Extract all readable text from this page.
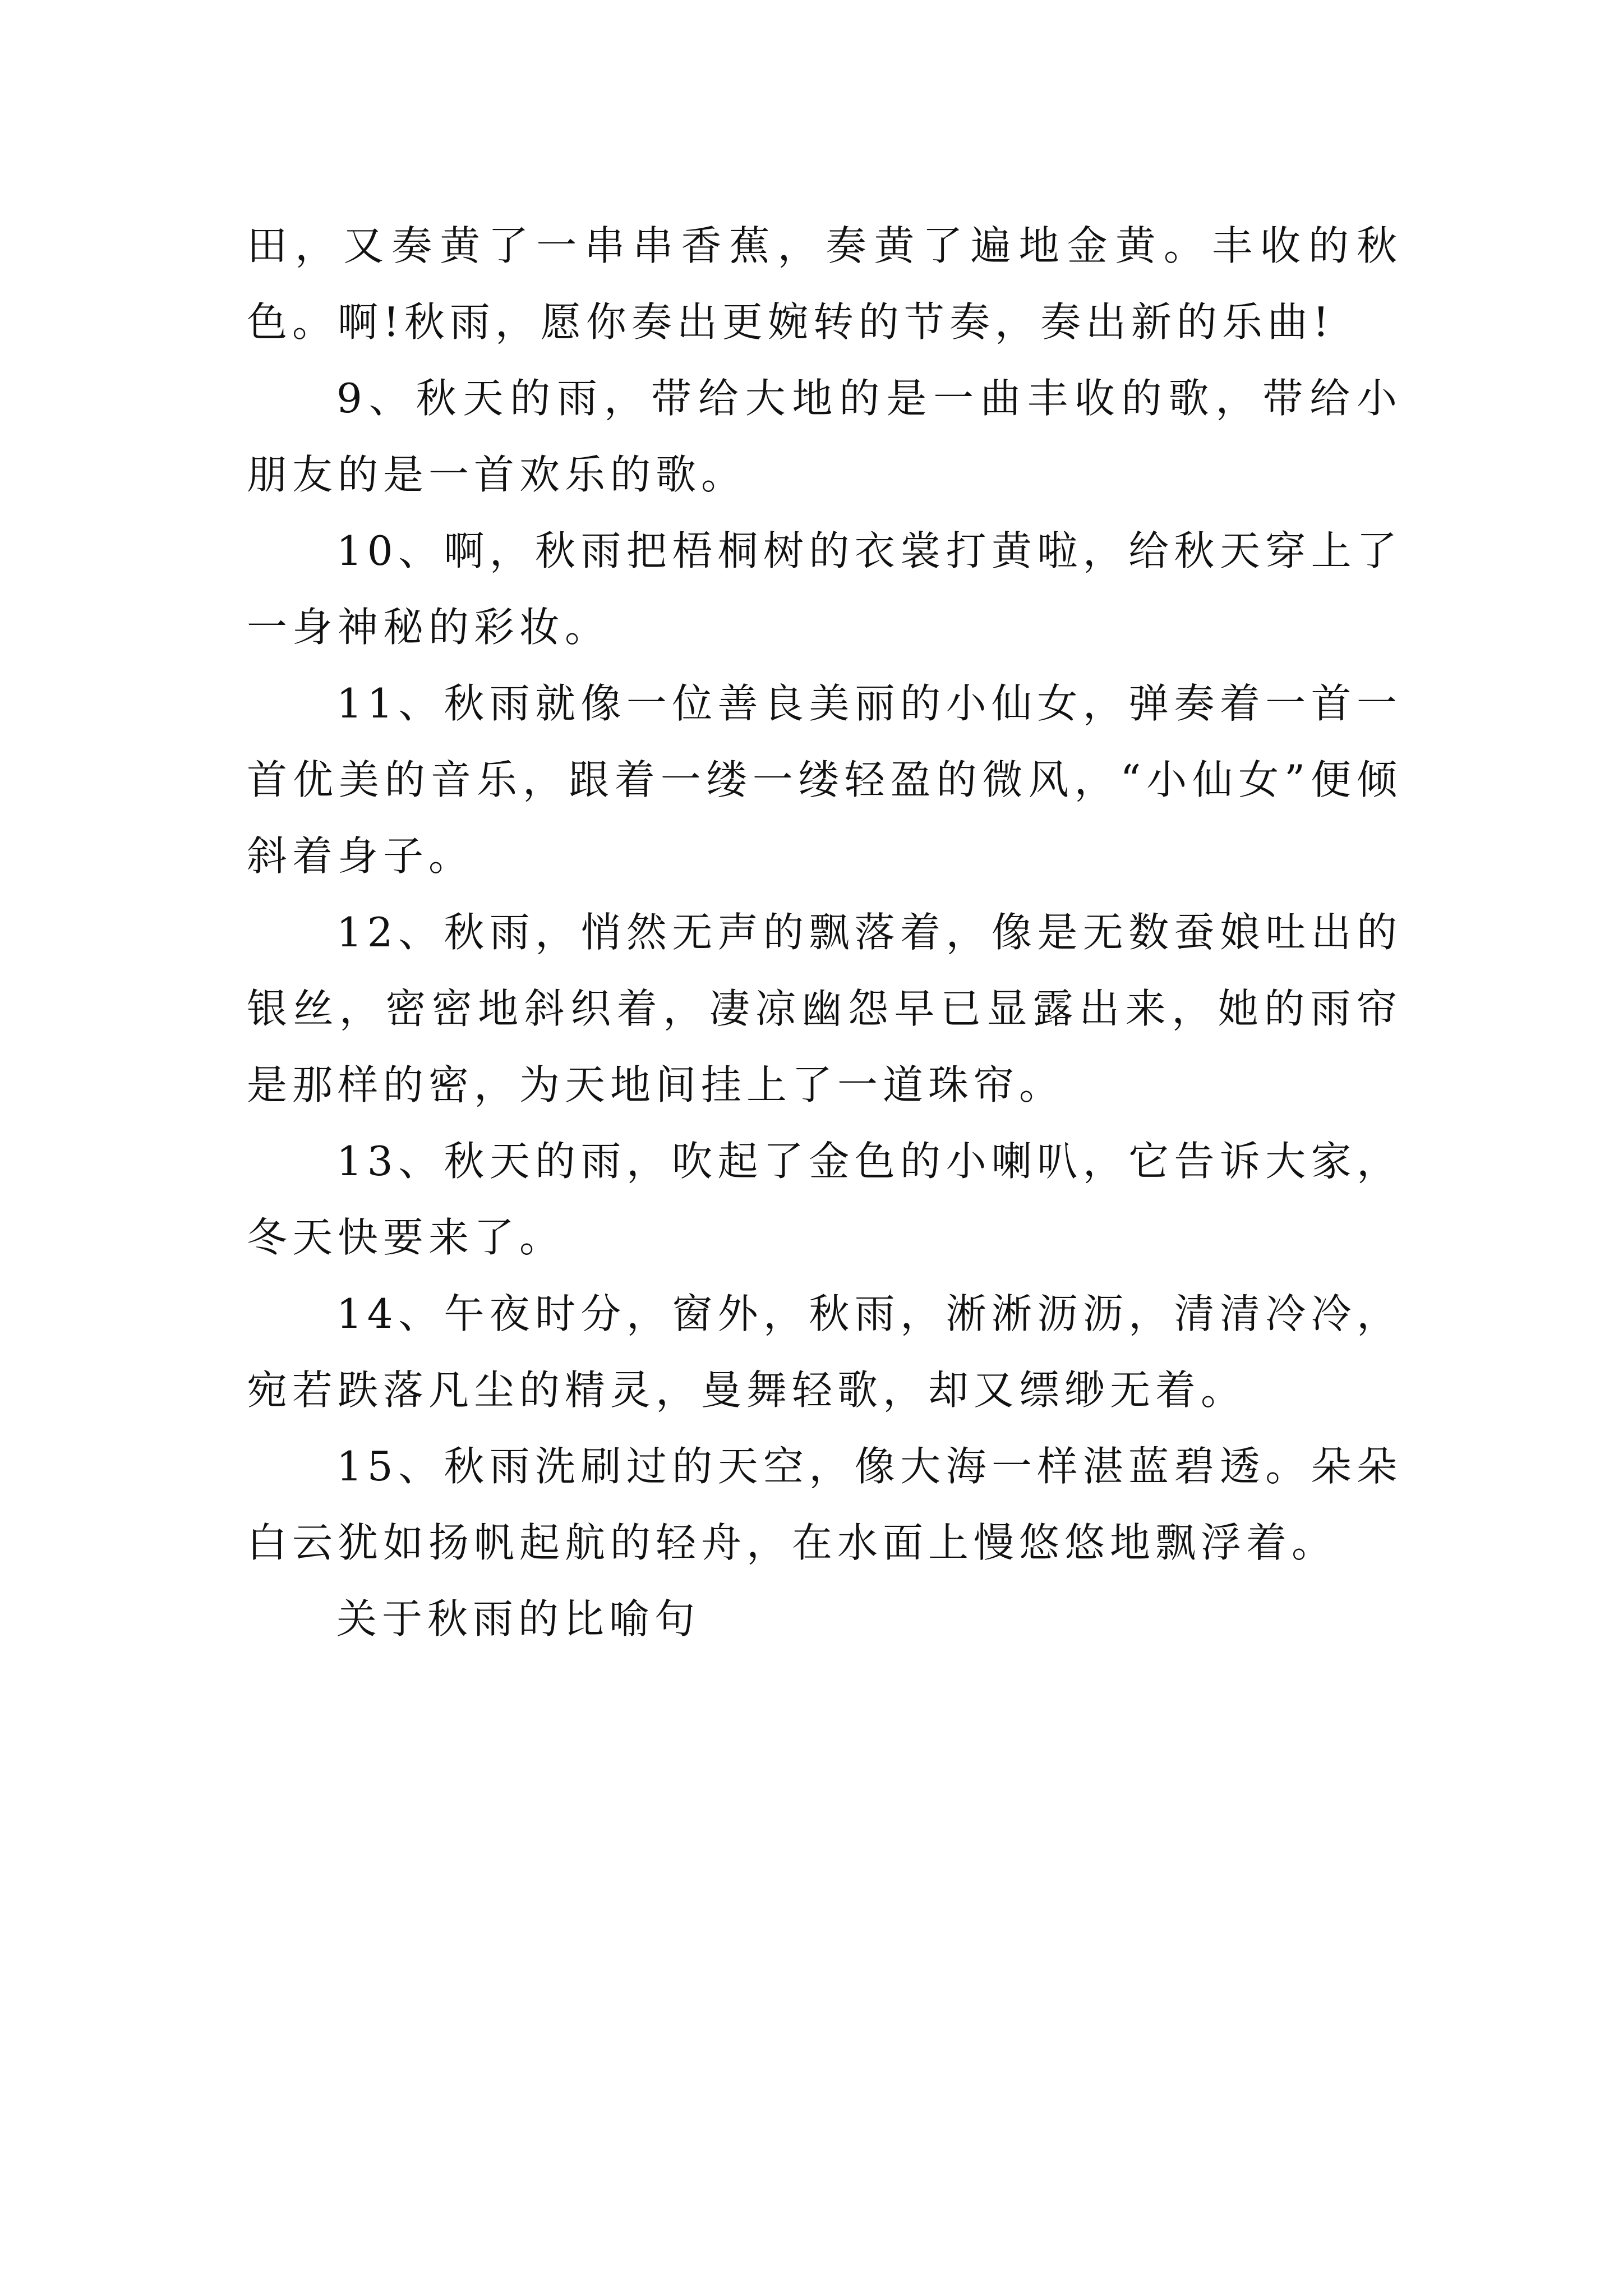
田，又奏黄了一串串香蕉，奏黄了遍地金黄。丰收的秋色。啊!秋雨，愿你奏出更婉转的节奏，奏出新的乐曲!

9、秋天的雨，带给大地的是一曲丰收的歌，带给小朋友的是一首欢乐的歌。

10、啊，秋雨把梧桐树的衣裳打黄啦，给秋天穿上了一身神秘的彩妆。

11、秋雨就像一位善良美丽的小仙女，弹奏着一首一首优美的音乐，跟着一缕一缕轻盈的微风，“小仙女”便倾斜着身子。

12、秋雨，悄然无声的飘落着，像是无数蚕娘吐出的银丝，密密地斜织着，凄凉幽怨早已显露出来，她的雨帘是那样的密，为天地间挂上了一道珠帘。

13、秋天的雨，吹起了金色的小喇叭，它告诉大家，冬天快要来了。

14、午夜时分，窗外，秋雨，淅淅沥沥，清清冷冷，宛若跌落凡尘的精灵，曼舞轻歌，却又缥缈无着。

15、秋雨洗刷过的天空，像大海一样湛蓝碧透。朵朵白云犹如扬帆起航的轻舟，在水面上慢悠悠地飘浮着。

关于秋雨的比喻句
